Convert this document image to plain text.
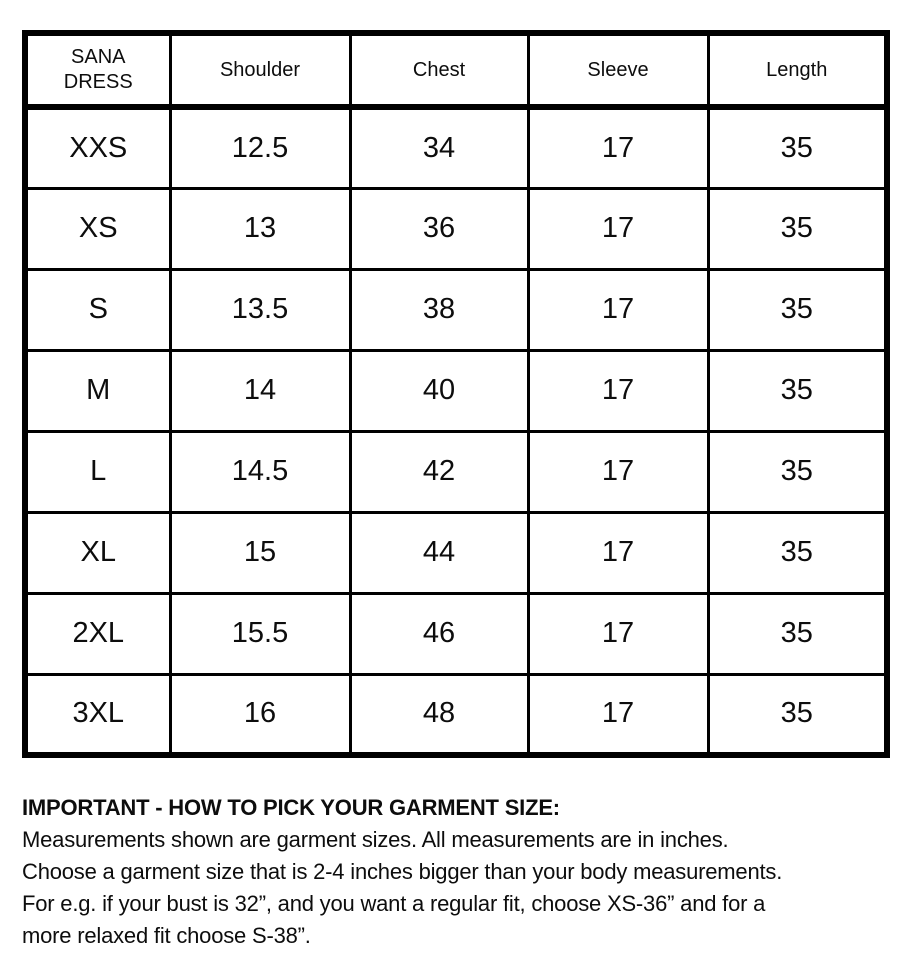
SANA DRESS	Shoulder	Chest	Sleeve	Length
XXS	12.5	34	17	35
XS	13	36	17	35
S	13.5	38	17	35
M	14	40	17	35
L	14.5	42	17	35
XL	15	44	17	35
2XL	15.5	46	17	35
3XL	16	48	17	35
IMPORTANT - HOW TO PICK YOUR GARMENT SIZE:
Measurements shown are garment sizes. All measurements are in inches.
Choose a garment size that is 2-4 inches bigger than your body measurements.
For e.g. if your bust is 32”, and you want a regular fit, choose XS-36” and for a
more relaxed fit choose S-38”.
